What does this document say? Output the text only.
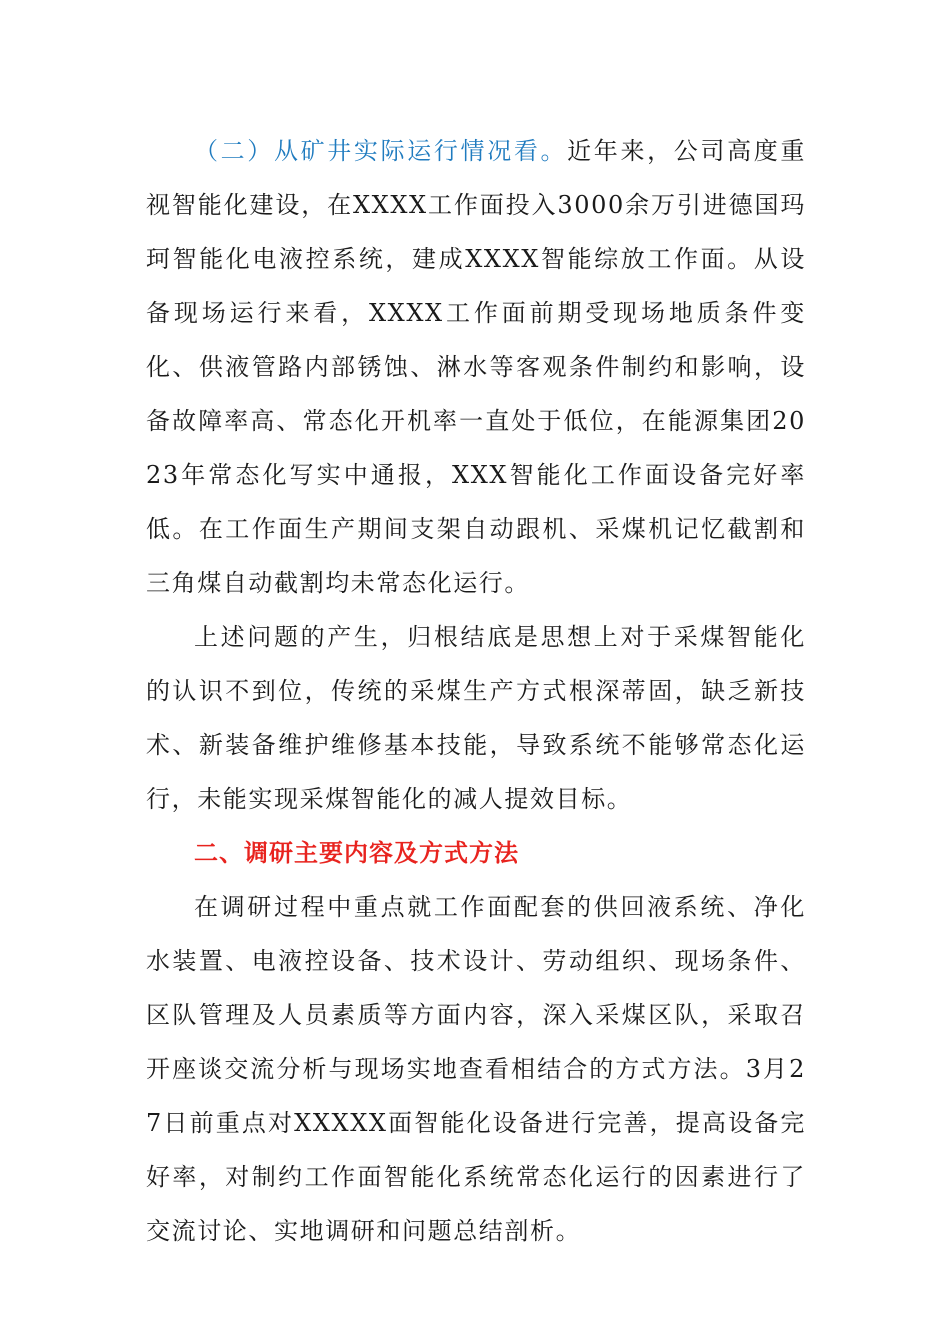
（二）从矿井实际运行情况看。近年来，公司高度重视智能化建设，在XXXX工作面投入3000余万引进德国玛珂智能化电液控系统，建成XXXX智能综放工作面。从设备现场运行来看，XXXX工作面前期受现场地质条件变化、供液管路内部锈蚀、淋水等客观条件制约和影响，设备故障率高、常态化开机率一直处于低位，在能源集团2023年常态化写实中通报，XXX智能化工作面设备完好率低。在工作面生产期间支架自动跟机、采煤机记忆截割和三角煤自动截割均未常态化运行。

上述问题的产生，归根结底是思想上对于采煤智能化的认识不到位，传统的采煤生产方式根深蒂固，缺乏新技术、新装备维护维修基本技能，导致系统不能够常态化运行，未能实现采煤智能化的减人提效目标。

二、调研主要内容及方式方法

在调研过程中重点就工作面配套的供回液系统、净化水装置、电液控设备、技术设计、劳动组织、现场条件、区队管理及人员素质等方面内容，深入采煤区队，采取召开座谈交流分析与现场实地查看相结合的方式方法。3月27日前重点对XXXXX面智能化设备进行完善，提高设备完好率，对制约工作面智能化系统常态化运行的因素进行了交流讨论、实地调研和问题总结剖析。
